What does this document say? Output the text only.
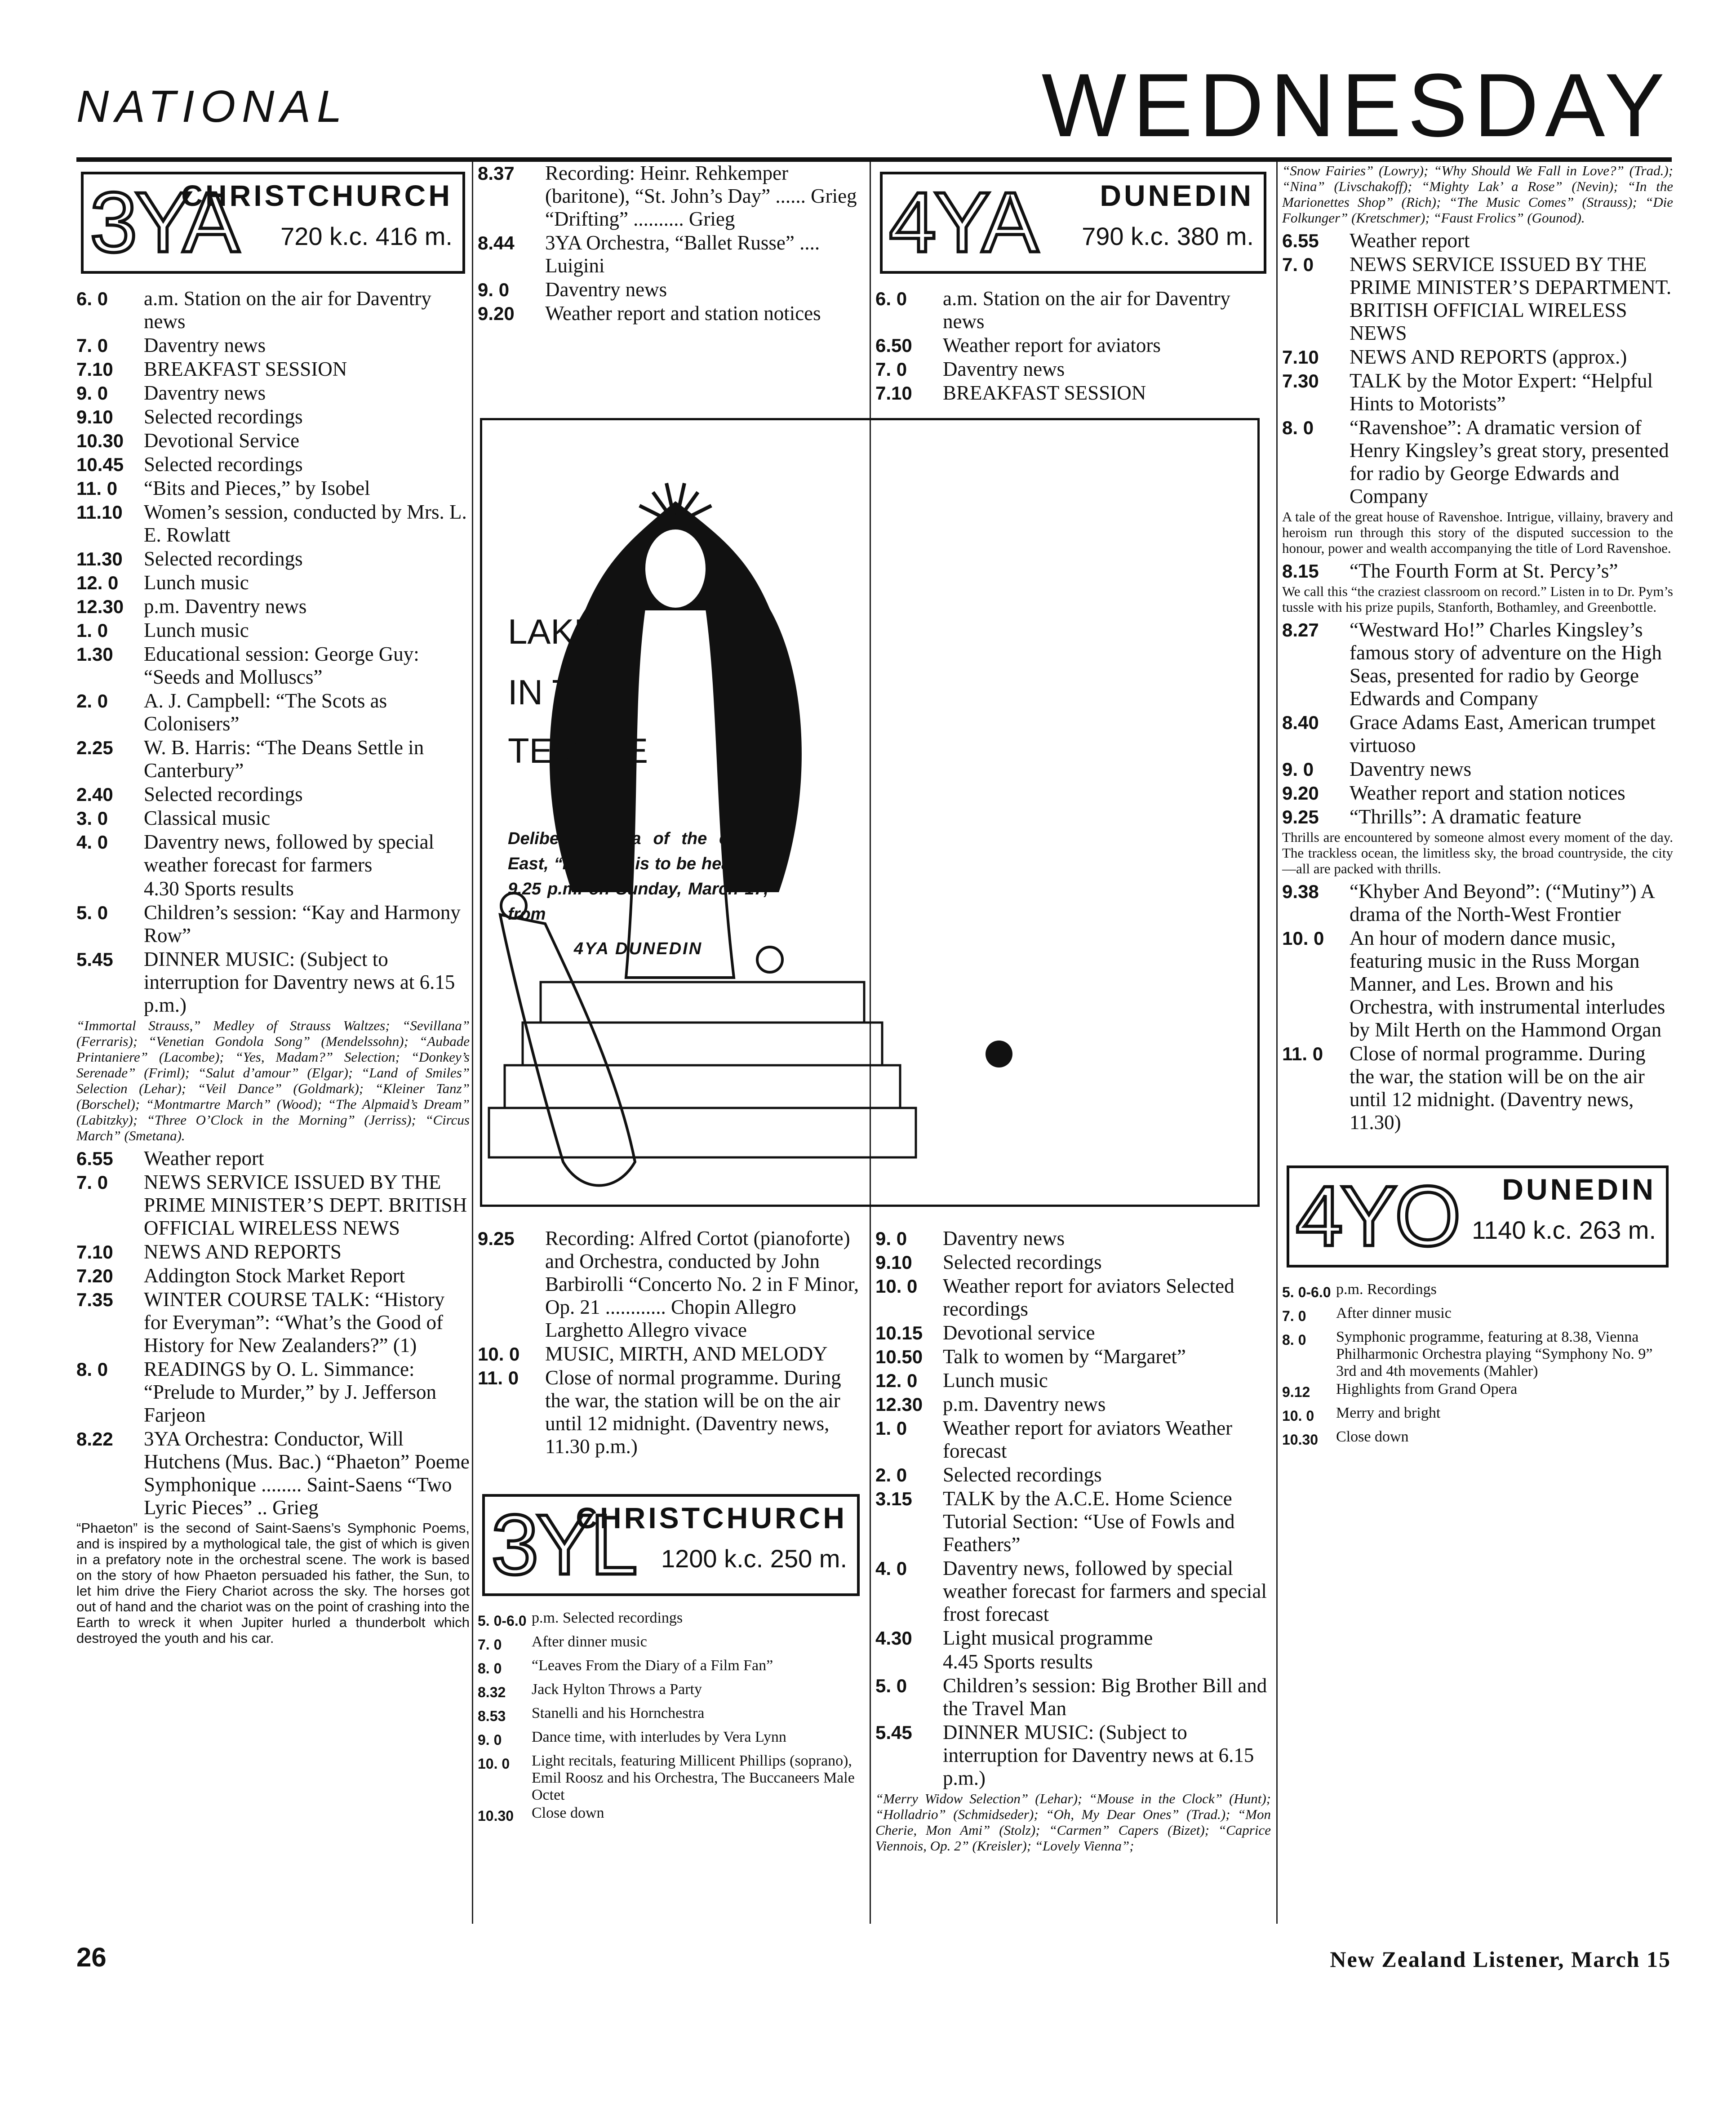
NATIONAL	WEDNESDAY
3YA
CHRISTCHURCH
720 k.c. 416 m.
6. 0	a.m. Station on the air for Daventry news
7. 0	Daventry news
7.10	BREAKFAST SESSION
9. 0	Daventry news
9.10	Selected recordings
10.30 Devotional Service
10.45 Selected recordings
11. 0	“Bits and Pieces,” by Isobel
11.10	Women’s session, conducted by Mrs. L. E. Rowlatt
11.30	Selected recordings
12. 0	Lunch music
12.30 p.m. Daventry news
1. 0	Lunch music
1.30	Educational session: George Guy: “Seeds and Molluscs”
2. 0	A. J. Campbell: “The Scots as Colonisers”
2.25	W. B. Harris: “The Deans Settle in Canterbury”
2.40	Selected recordings
3. 0	Classical music
4. 0	Daventry news, followed by special weather forecast for farmers
4.30 Sports results
5. 0	Children’s session: “Kay and Harmony Row”
5.45	DINNER MUSIC: (Subject to interruption for Daventry news at 6.15 p.m.)
“Immortal Strauss,” Medley of Strauss Waltzes; “Sevillana” (Ferraris); “Venetian Gondola Song” (Mendelssohn); “Aubade Printaniere” (Lacombe); “Yes, Madam?” Selection; “Donkey’s Serenade” (Friml); “Salut d’amour” (Elgar); “Land of Smiles” Selection (Lehar); “Veil Dance” (Goldmark); “Kleiner Tanz” (Borschel); “Montmartre March” (Wood); “The Alpmaid’s Dream” (Labitzky); “Three O’Clock in the Morning” (Jerriss); “Circus March” (Smetana).
6.55	Weather report
7. 0	NEWS SERVICE ISSUED BY THE PRIME MINISTER’S DEPT. BRITISH OFFICIAL WIRELESS NEWS
7.10	NEWS AND REPORTS
7.20	Addington Stock Market Report
7.35	WINTER COURSE TALK: “History for Everyman”: “What’s the Good of History for New Zealanders?” (1)
8. 0	READINGS by O. L. Simmance: “Prelude to Murder,” by J. Jefferson Farjeon
8.22	3YA Orchestra: Conductor, Will Hutchens (Mus. Bac.) “Phaeton” Poeme Symphonique ........ Saint-Saens “Two Lyric Pieces” .. Grieg
“Phaeton” is the second of Saint-Saens’s Symphonic Poems, and is inspired by a mythological tale, the gist of which is given in a prefatory note in the orchestral scene. The work is based on the story of how Phaeton persuaded his father, the Sun, to let him drive the Fiery Chariot across the sky. The horses got out of hand and the chariot was on the point of crashing into the Earth to wreck it when Jupiter hurled a thunderbolt which destroyed the youth and his car.
8.37	Recording: Heinr. Rehkemper (baritone), “St. John’s Day” ...... Grieg “Drifting” .......... Grieg
8.44	3YA Orchestra, “Ballet Russe” .... Luigini
9. 0	Daventry news
9.20	Weather report and station notices
LAKME
IN THE
TEMPLE
Delibes’s opera of the exotic East, “Lakme,” is to be heard at 9.25 p.m. on Sunday, March 17, from
4YA DUNEDIN
9.25	Recording: Alfred Cortot (pianoforte) and Orchestra, conducted by John Barbirolli “Concerto No. 2 in F Minor, Op. 21 ............ Chopin Allegro Larghetto Allegro vivace
10. 0	MUSIC, MIRTH, AND MELODY
11. 0	Close of normal programme. During the war, the station will be on the air until 12 midnight. (Daventry news, 11.30 p.m.)
3YL
CHRISTCHURCH
1200 k.c. 250 m.
5. 0-6.0 p.m. Selected recordings
7. 0	After dinner music
8. 0	“Leaves From the Diary of a Film Fan”
8.32	Jack Hylton Throws a Party
8.53	Stanelli and his Hornchestra
9. 0	Dance time, with interludes by Vera Lynn
10. 0	Light recitals, featuring Millicent Phillips (soprano), Emil Roosz and his Orchestra, The Buccaneers Male Octet
10.30	Close down
4YA DUNEDIN
790 k.c. 380 m.
6. 0	a.m. Station on the air for Daventry news
6.50	Weather report for aviators
7. 0	Daventry news
7.10	BREAKFAST SESSION
9. 0	Daventry news
9.10	Selected recordings
10. 0	Weather report for aviators Selected recordings
10.15 Devotional service
10.50 Talk to women by “Margaret”
12. 0	Lunch music
12.30 p.m. Daventry news
1. 0	Weather report for aviators Weather forecast
2. 0	Selected recordings
3.15	TALK by the A.C.E. Home Science Tutorial Section: “Use of Fowls and Feathers”
4. 0	Daventry news, followed by special weather forecast for farmers and special frost forecast
4.30	Light musical programme
4.45 Sports results
5. 0	Children’s session: Big Brother Bill and the Travel Man
5.45	DINNER MUSIC: (Subject to interruption for Daventry news at 6.15 p.m.)
“Merry Widow Selection” (Lehar); “Mouse in the Clock” (Hunt); “Holladrio” (Schmidseder); “Oh, My Dear Ones” (Trad.); “Mon Cherie, Mon Ami” (Stolz); “Carmen” Capers (Bizet); “Caprice Viennois, Op. 2” (Kreisler); “Lovely Vienna”;
“Snow Fairies” (Lowry); “Why Should We Fall in Love?” (Trad.); “Nina” (Livschakoff); “Mighty Lak’ a Rose” (Nevin); “In the Marionettes Shop” (Rich); “The Music Comes” (Strauss); “Die Folkunger” (Kretschmer); “Faust Frolics” (Gounod).
6.55	Weather report
7. 0	NEWS SERVICE ISSUED BY THE PRIME MINISTER’S DEPARTMENT. BRITISH OFFICIAL WIRELESS NEWS
7.10	NEWS AND REPORTS (approx.)
7.30	TALK by the Motor Expert: “Helpful Hints to Motorists”
8. 0	“Ravenshoe”: A dramatic version of Henry Kingsley’s great story, presented for radio by George Edwards and Company
A tale of the great house of Ravenshoe. Intrigue, villainy, bravery and heroism run through this story of the disputed succession to the honour, power and wealth accompanying the title of Lord Ravenshoe.
8.15	“The Fourth Form at St. Percy’s”
We call this “the craziest classroom on record.” Listen in to Dr. Pym’s tussle with his prize pupils, Stanforth, Bothamley, and Greenbottle.
8.27	“Westward Ho!” Charles Kingsley’s famous story of adventure on the High Seas, presented for radio by George Edwards and Company
8.40	Grace Adams East, American trumpet virtuoso
9. 0	Daventry news
9.20	Weather report and station notices
9.25	“Thrills”: A dramatic feature
Thrills are encountered by someone almost every moment of the day. The trackless ocean, the limitless sky, the broad countryside, the city—all are packed with thrills.
9.38	“Khyber And Beyond”: (“Mutiny”) A drama of the North-West Frontier
10. 0	An hour of modern dance music, featuring music in the Russ Morgan Manner, and Les. Brown and his Orchestra, with instrumental interludes by Milt Herth on the Hammond Organ
11. 0	Close of normal programme. During the war, the station will be on the air until 12 midnight. (Daventry news, 11.30)
4YO DUNEDIN
1140 k.c. 263 m.
5. 0-6.0 p.m. Recordings
7. 0	After dinner music
8. 0	Symphonic programme, featuring at 8.38, Vienna Philharmonic Orchestra playing “Symphony No. 9” 3rd and 4th movements (Mahler)
9.12	Highlights from Grand Opera
10. 0	Merry and bright
10.30	Close down
26	New Zealand Listener, March 15
